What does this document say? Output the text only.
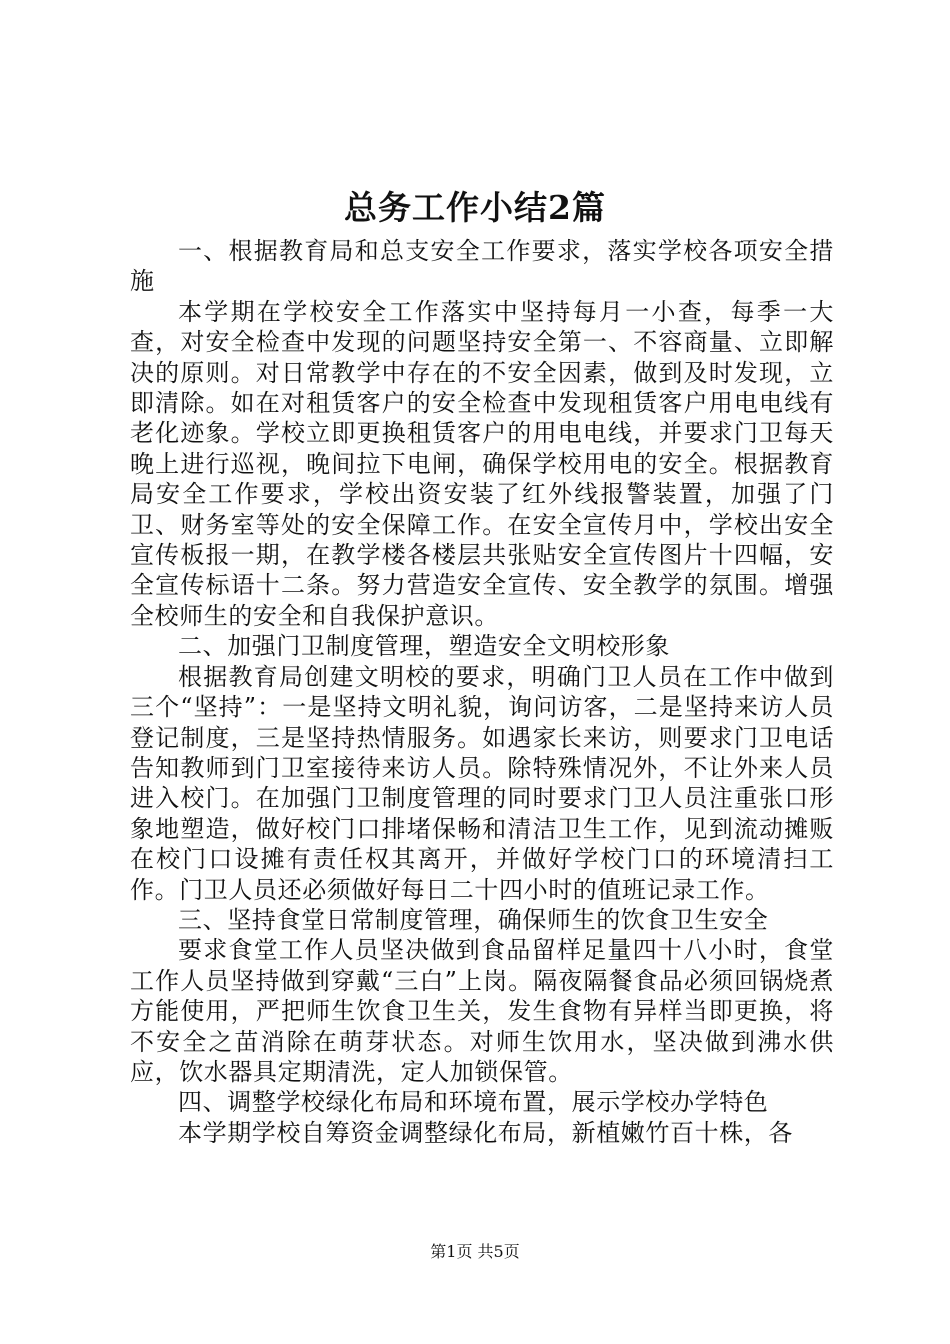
总务工作小结2篇

一、根据教育局和总支安全工作要求，落实学校各项安全措施

本学期在学校安全工作落实中坚持每月一小查，每季一大查，对安全检查中发现的问题坚持安全第一、不容商量、立即解决的原则。对日常教学中存在的不安全因素，做到及时发现，立即清除。如在对租赁客户的安全检查中发现租赁客户用电电线有老化迹象。学校立即更换租赁客户的用电电线，并要求门卫每天晚上进行巡视，晚间拉下电闸，确保学校用电的安全。根据教育局安全工作要求，学校出资安装了红外线报警装置，加强了门卫、财务室等处的安全保障工作。在安全宣传月中，学校出安全宣传板报一期，在教学楼各楼层共张贴安全宣传图片十四幅，安全宣传标语十二条。努力营造安全宣传、安全教学的氛围。增强全校师生的安全和自我保护意识。

二、加强门卫制度管理，塑造安全文明校形象

根据教育局创建文明校的要求，明确门卫人员在工作中做到三个“坚持”：一是坚持文明礼貌，询问访客，二是坚持来访人员登记制度，三是坚持热情服务。如遇家长来访，则要求门卫电话告知教师到门卫室接待来访人员。除特殊情况外，不让外来人员进入校门。在加强门卫制度管理的同时要求门卫人员注重张口形象地塑造，做好校门口排堵保畅和清洁卫生工作，见到流动摊贩在校门口设摊有责任权其离开，并做好学校门口的环境清扫工作。门卫人员还必须做好每日二十四小时的值班记录工作。

三、坚持食堂日常制度管理，确保师生的饮食卫生安全

要求食堂工作人员坚决做到食品留样足量四十八小时，食堂工作人员坚持做到穿戴“三白”上岗。隔夜隔餐食品必须回锅烧煮方能使用，严把师生饮食卫生关，发生食物有异样当即更换，将不安全之苗消除在萌芽状态。对师生饮用水，坚决做到沸水供应，饮水器具定期清洗，定人加锁保管。

四、调整学校绿化布局和环境布置，展示学校办学特色

本学期学校自筹资金调整绿化布局，新植嫩竹百十株，各

第1页 共5页
